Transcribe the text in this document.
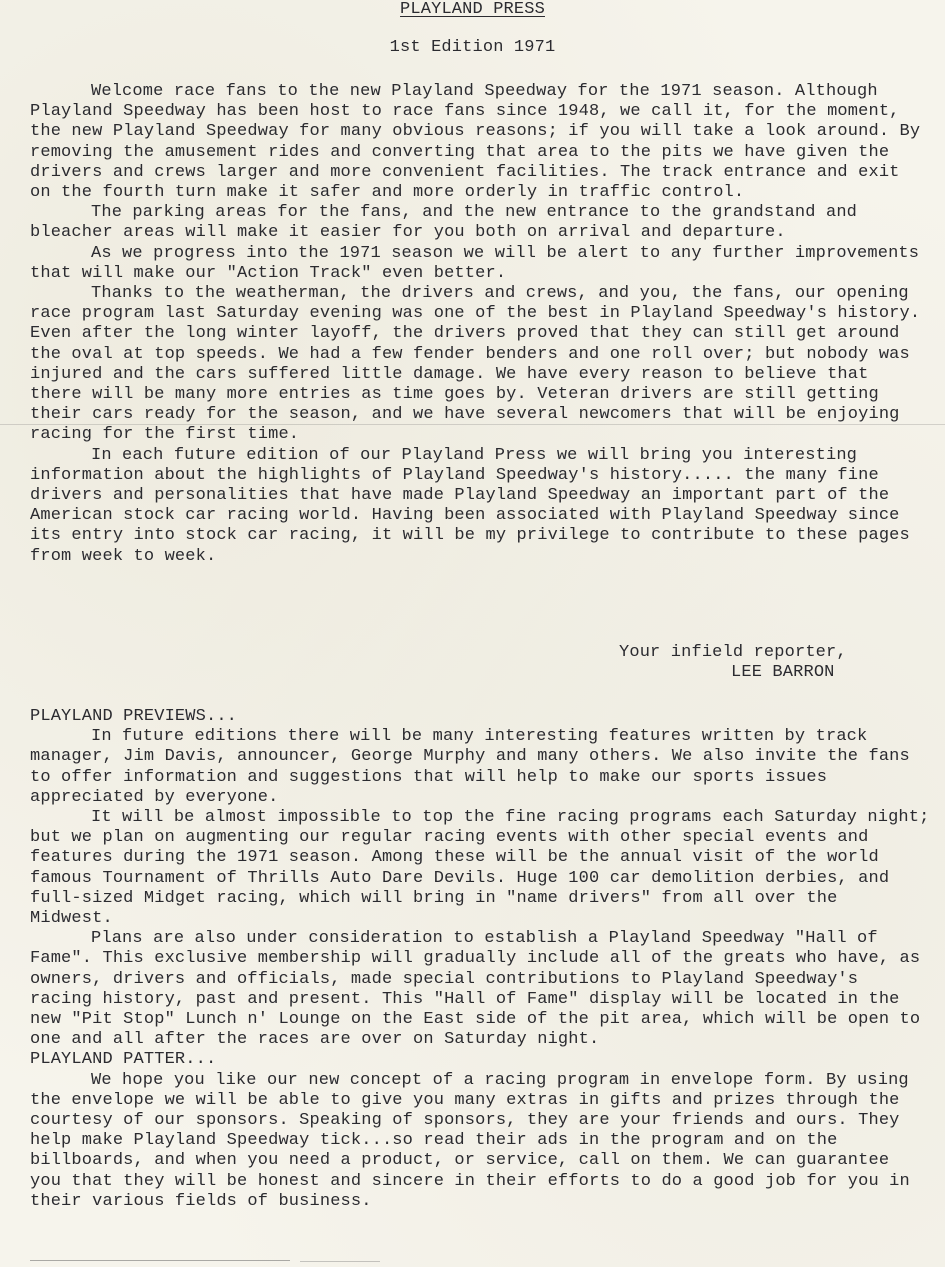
PLAYLAND PRESS
1st Edition 1971

Welcome race fans to the new Playland Speedway for the 1971 season. Although Playland Speedway has been host to race fans since 1948, we call it, for the moment, the new Playland Speedway for many obvious reasons; if you will take a look around. By removing the amusement rides and converting that area to the pits we have given the drivers and crews larger and more convenient facilities. The track entrance and exit on the fourth turn make it safer and more orderly in traffic control.

The parking areas for the fans, and the new entrance to the grandstand and bleacher areas will make it easier for you both on arrival and departure.

As we progress into the 1971 season we will be alert to any further improvements that will make our "Action Track" even better.

Thanks to the weatherman, the drivers and crews, and you, the fans, our opening race program last Saturday evening was one of the best in Playland Speedway's history. Even after the long winter layoff, the drivers proved that they can still get around the oval at top speeds. We had a few fender benders and one roll over; but nobody was injured and the cars suffered little damage. We have every reason to believe that there will be many more entries as time goes by. Veteran drivers are still getting their cars ready for the season, and we have several newcomers that will be enjoying racing for the first time.

In each future edition of our Playland Press we will bring you interesting information about the highlights of Playland Speedway's history..... the many fine drivers and personalities that have made Playland Speedway an important part of the American stock car racing world. Having been associated with Playland Speedway since its entry into stock car racing, it will be my privilege to contribute to these pages from week to week.

Your infield reporter,
LEE BARRON
PLAYLAND PREVIEWS...

In future editions there will be many interesting features written by track manager, Jim Davis, announcer, George Murphy and many others. We also invite the fans to offer information and suggestions that will help to make our sports issues appreciated by everyone.

It will be almost impossible to top the fine racing programs each Saturday night; but we plan on augmenting our regular racing events with other special events and features during the 1971 season. Among these will be the annual visit of the world famous Tournament of Thrills Auto Dare Devils. Huge 100 car demolition derbies, and full-sized Midget racing, which will bring in "name drivers" from all over the Midwest.

Plans are also under consideration to establish a Playland Speedway "Hall of Fame". This exclusive membership will gradually include all of the greats who have, as owners, drivers and officials, made special contributions to Playland Speedway's racing history, past and present. This "Hall of Fame" display will be located in the new "Pit Stop" Lunch n' Lounge on the East side of the pit area, which will be open to one and all after the races are over on Saturday night.

PLAYLAND PATTER...

We hope you like our new concept of a racing program in envelope form. By using the envelope we will be able to give you many extras in gifts and prizes through the courtesy of our sponsors. Speaking of sponsors, they are your friends and ours. They help make Playland Speedway tick...so read their ads in the program and on the billboards, and when you need a product, or service, call on them. We can guarantee you that they will be honest and sincere in their efforts to do a good job for you in their various fields of business.
